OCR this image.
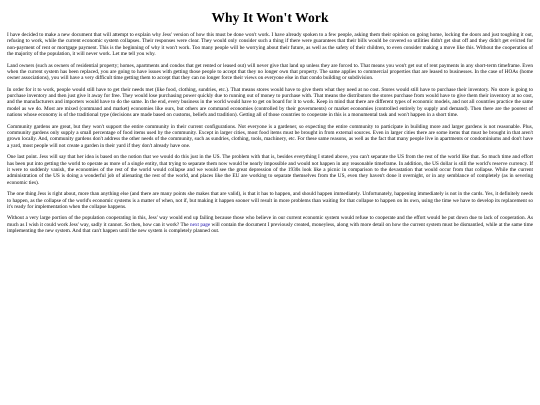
Why It Won't Work

I have decided to make a new document that will attempt to explain why Jess' version of how this must be done won't work. I have already spoken to a few people, asking them their opinion on going home, locking the doors and just toughing it out, refusing to work, while the current economic system collapses. Their responses were clear. They would only consider such a thing if there were guarantees that their bills would be covered so utilities didn't get shut off and they didn't get evicted for non-payment of rent or mortgage payment. This is the beginning of why it won't work. Too many people will be worrying about their future, as well as the safety of their children, to even consider making a move like this. Without the cooperation of the majority of the population, it will never work. Let me tell you why.

Land owners (such as owners of residential property; homes, apartments and condos that get rented or leased out) will never give that land up unless they are forced to. That means you won't get out of rent payments in any short-term timeframe. Even when the current system has been replaced, you are going to have issues with getting those people to accept that they no longer own that property. The same applies to commercial properties that are leased to businesses. In the case of HOAs (home owner associations), you will have a very difficult time getting them to accept that they can no longer force their views on everyone else in that condo building or subdivision.

In order for it to work, people would still have to get their needs met (like food, clothing, sundries, etc.). That means stores would have to give them what they need at no cost. Stores would still have to purchase their inventory. No store is going to purchase inventory and then just give it away for free. They would lose purchasing power quickly due to running out of money to purchase with. That means the distributors the stores purchase from would have to give them their inventory at no cost, and the manufacturers and importers would have to do the same. In the end, every business in the world would have to get on board for it to work. Keep in mind that there are different types of economic models, and not all countries practice the same model as we do. Most are mixed (command and market) economies like ours, but others are command economies (controlled by their governments) or market economies (controlled entirely by supply and demand). Then there are the poorest of nations whose economy is of the traditional type (decisions are made based on customs, beliefs and tradition). Getting all of those countries to cooperate in this is a monumental task and won't happen in a short time.

Community gardens are great, but they won't support the entire community in their current configurations. Not everyone is a gardener, so expecting the entire community to participate in building more and larger gardens is not reasonable. Plus, community gardens only supply a small percentage of food items used by the community. Except in larger cities, most food items must be brought in from external sources. Even in larger cities there are some items that must be brought in that aren't grown locally. And, community gardens don't address the other needs of the community, such as sundries, clothing, tools, machinery, etc. For these same reasons, as well as the fact that many people live in apartments or condominiums and don't have a yard, most people will not create a garden in their yard if they don't already have one.

One last point. Jess will say that her idea is based on the notion that we would do this just in the US. The problem with that is, besides everything I stated above, you can't separate the US from the rest of the world like that. So much time and effort has been put into getting the world to operate as more of a single entity, that trying to separate them now would be nearly impossible and would not happen in any reasonable timeframe. In addition, the US dollar is still the world's reserve currency. If it were to suddenly vanish, the economies of the rest of the world would collapse and we would see the great depression of the 1930s look like a picnic in comparison to the devastation that would occur from that collapse. While the current administration of the US is doing a wonderful job of alienating the rest of the world, and places like the EU are working to separate themselves from the US, even they haven't done it overnight, or in any semblance of completely (as in severing economic ties).

The one thing Jess is right about, more than anything else (and there are many points she makes that are valid), is that it has to happen, and should happen immediately. Unfortunately, happening immediately is not in the cards. Yes, it definitely needs to happen, as the collapse of the world's economic systems is a matter of when, not if, but making it happen sooner will result in more problems than waiting for that collapse to happen on its own, using the time we have to develop its replacement so it's ready for implementation when the collapse happens.

Without a very large portion of the population cooperating in this, Jess' way would end up failing because those who believe in our current economic system would refuse to cooperate and the effort would be put down due to lack of cooperation. As much as I wish it could work Jess' way, sadly it cannot. So then, how can it work? The next page will contain the document I previously created, moneyless, along with more detail on how the current system must be dismantled, while at the same time implementing the new system. And that can't happen until the new system is completely planned out.
